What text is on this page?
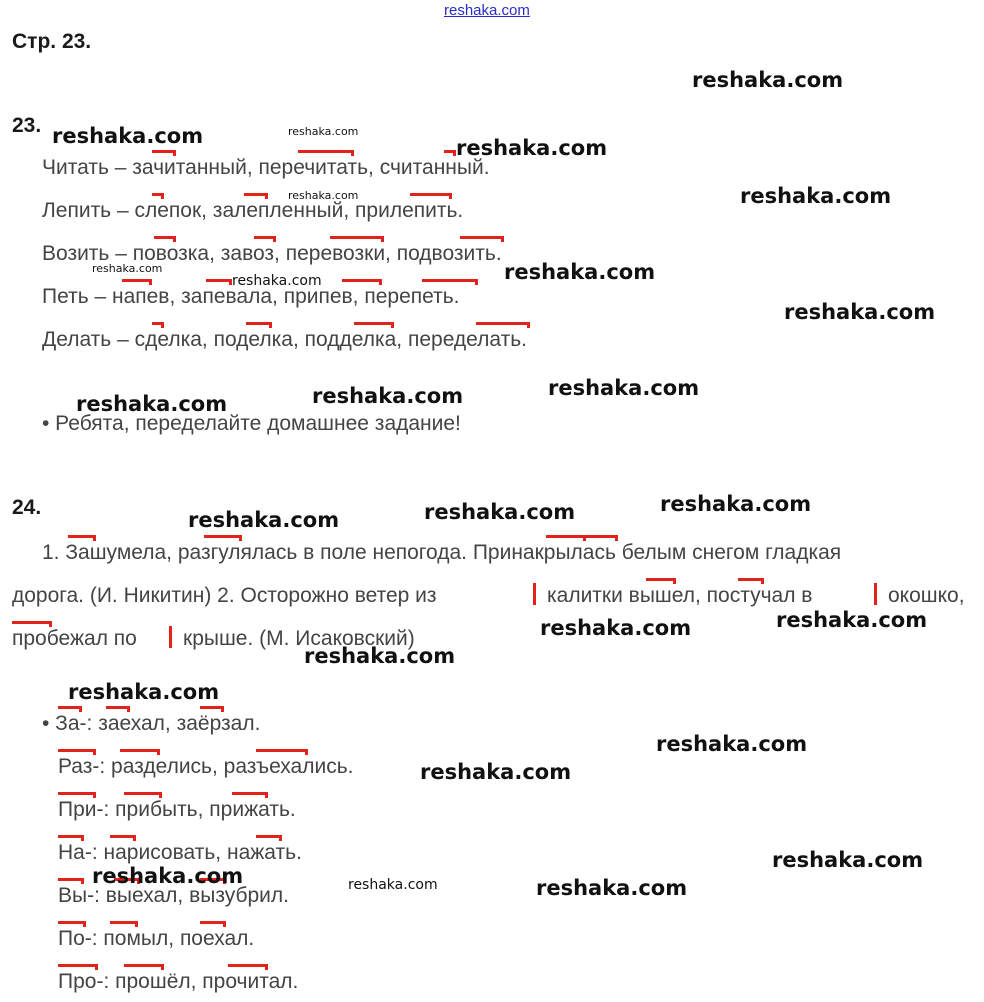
reshaka.com
Стр. 23.
23.
Читать – зачитанный, перечитать, считанный.
Лепить – слепок, залепленный, прилепить.
Возить – повозка, завоз, перевозки, подвозить.
Петь – напев, запевала, припев, перепеть.
Делать – сделка, поделка, подделка, переделать.
• Ребята, переделайте домашнее задание!
24.
1. Зашумела, разгулялась в поле непогода. Принакрылась белым снегом гладкая
дорога. (И. Никитин) 2. Осторожно ветер из	калитки вышел, постучал в	окошко,
пробежал по крыше. (М. Исаковский)
• За-: заехал, заёрзал.
Раз-: разделись, разъехались.
При-: прибыть, прижать.
На-: нарисовать, нажать.
Вы-: выехал, вызубрил.
По-: помыл, поехал.
Про-: прошёл, прочитал.
reshaka.com
reshaka.com	reshaka.com
reshaka.com
reshaka.com
reshaka.com
reshaka.com
reshaka.com	reshaka.com
reshaka.com
reshaka.com
reshaka.com
reshaka.com
reshaka.com
reshaka.com
reshaka.com
reshaka.com
reshaka.com
reshaka.com
reshaka.com
reshaka.com
reshaka.com
reshaka.com
reshaka.com	reshaka.com	reshaka.com
